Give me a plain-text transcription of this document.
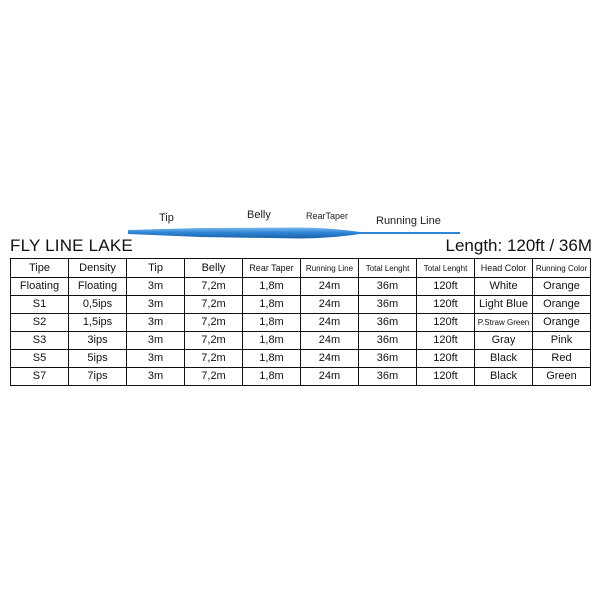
Tip	Belly	RearTaper	Running Line
FLY LINE LAKE	Length: 120ft / 36M
Tipe	Density	Tip	Belly	Rear Taper	Running Line	Total Lenght	Total Lenght	Head Color	Running Color
Floating	Floating	3m	7,2m	1,8m	24m	36m	120ft	White	Orange
S1	0,5ips	3m	7,2m	1,8m	24m	36m	120ft	Light Blue	Orange
S2	1,5ips	3m	7,2m	1,8m	24m	36m	120ft	P.Straw Green	Orange
S3	3ips	3m	7,2m	1,8m	24m	36m	120ft	Gray	Pink
S5	5ips	3m	7,2m	1,8m	24m	36m	120ft	Black	Red
S7	7ips	3m	7,2m	1,8m	24m	36m	120ft	Black	Green
